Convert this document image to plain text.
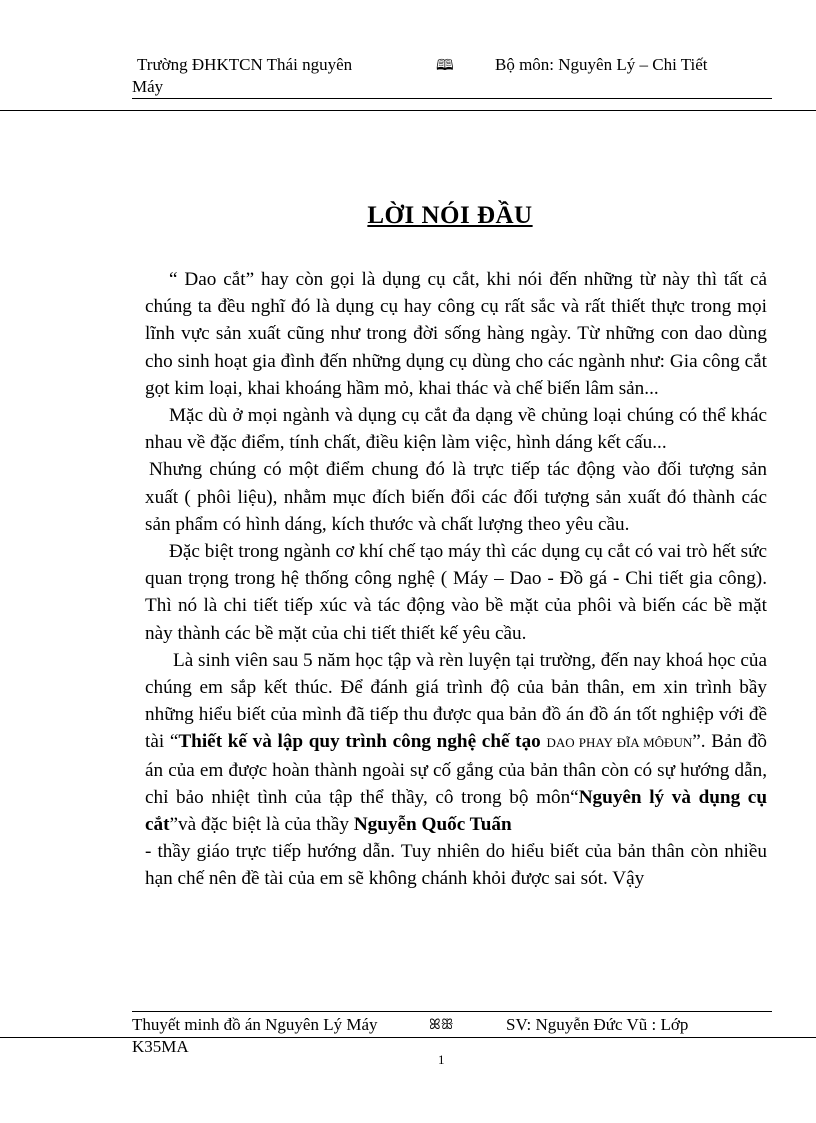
Trường ĐHKTCN Thái nguyên	🕮 Bộ môn: Nguyên Lý – Chi Tiết
Máy
LỜI NÓI ĐẦU

“ Dao cắt” hay còn gọi là dụng cụ cắt, khi nói đến những từ này thì tất cả chúng ta đều nghĩ đó là dụng cụ hay công cụ rất sắc và rất thiết thực trong mọi lĩnh vực sản xuất cũng như trong đời sống hàng ngày. Từ những con dao dùng cho sinh hoạt gia đình đến những dụng cụ dùng cho các ngành như: Gia công cắt gọt kim loại, khai khoáng hầm mỏ, khai thác và chế biến lâm sản...

Mặc dù ở mọi ngành và dụng cụ cắt đa dạng về chủng loại chúng có thể khác nhau về đặc điểm, tính chất, điều kiện làm việc, hình dáng kết cấu...

Nhưng chúng có một điểm chung đó là trực tiếp tác động vào đối tượng sản xuất ( phôi liệu), nhằm mục đích biến đổi các đối tượng sản xuất đó thành các sản phẩm có hình dáng, kích thước và chất lượng theo yêu cầu.

Đặc biệt trong ngành cơ khí chế tạo máy thì các dụng cụ cắt có vai trò hết sức quan trọng trong hệ thống công nghệ ( Máy – Dao - Đồ gá - Chi tiết gia công). Thì nó là chi tiết tiếp xúc và tác động vào bề mặt của phôi và biến các bề mặt này thành các bề mặt của chi tiết thiết kế yêu cầu.

Là sinh viên sau 5 năm học tập và rèn luyện tại trường, đến nay khoá học của chúng em sắp kết thúc. Để đánh giá trình độ của bản thân, em xin trình bầy những hiểu biết của mình đã tiếp thu được qua bản đồ án đồ án tốt nghiệp với đề tài “Thiết kế và lập quy trình công nghệ chế tạo DAO PHAY ĐĨA MÔĐUN”. Bản đồ án của em được hoàn thành ngoài sự cố gắng của bản thân còn có sự hướng dẫn, chỉ bảo nhiệt tình của tập thể thầy, cô trong bộ môn“Nguyên lý và dụng cụ cắt”và đặc biệt là của thầy Nguyễn Quốc Tuấn

- thầy giáo trực tiếp hướng dẫn. Tuy nhiên do hiểu biết của bản thân còn nhiều hạn chế nên đề tài của em sẽ không chánh khỏi được sai sót. Vậy

Thuyết minh đồ án Nguyên Lý Máy	ꕤꕥ	SV: Nguyễn Đức Vũ : Lớp
K35MA
1
